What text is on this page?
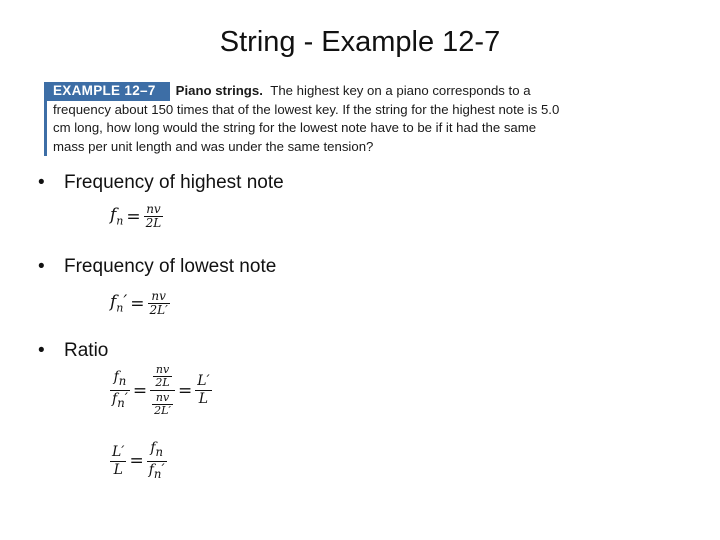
String - Example 12-7
EXAMPLE 12–7 Piano strings. The highest key on a piano corresponds to a frequency about 150 times that of the lowest key. If the string for the highest note is 5.0 cm long, how long would the string for the lowest note have to be if it had the same mass per unit length and was under the same tension?
• Frequency of highest note
$f_n = \frac{nv}{2L}$
• Frequency of lowest note
$f_n' = \frac{nv}{2L'}$
• Ratio
$\frac{f_n}{f_n'} = \frac{\frac{nv}{2L}}{\frac{nv}{2L'}} = \frac{L'}{L}$
$\frac{L'}{L} = \frac{f_n}{f_n'}$
